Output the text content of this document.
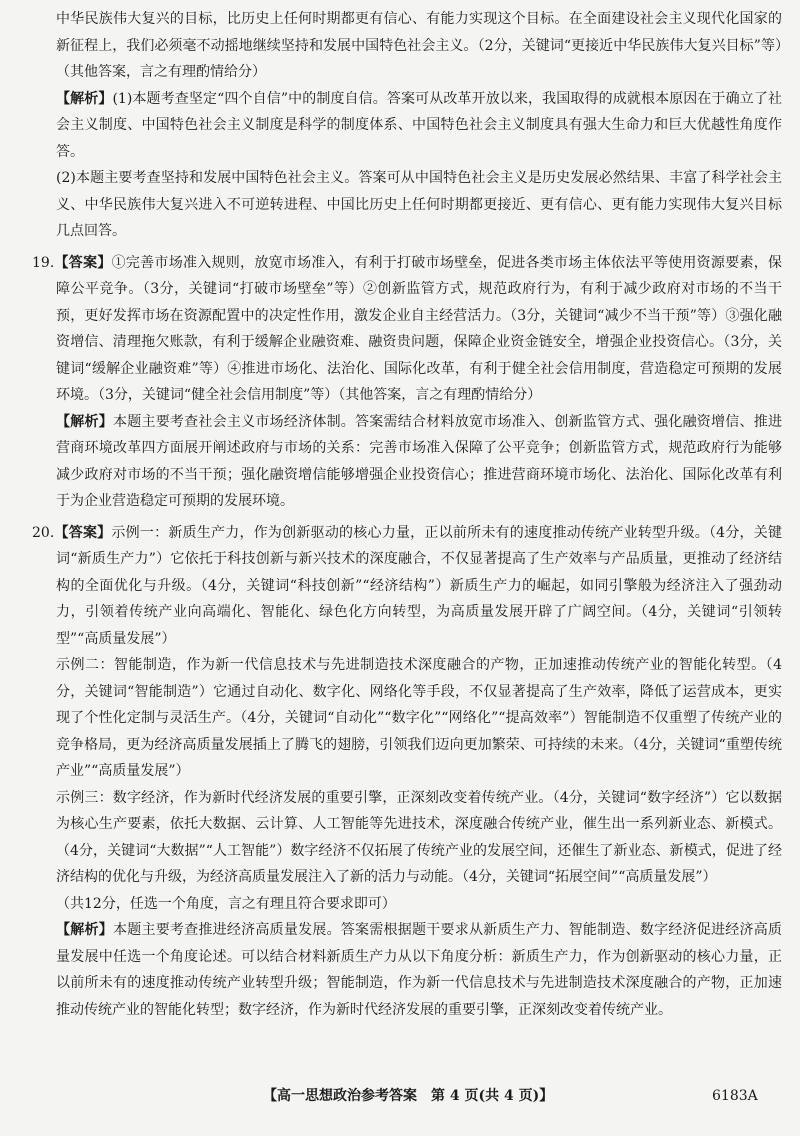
中华民族伟大复兴的目标，比历史上任何时期都更有信心、有能力实现这个目标。在全面建设社会主义现代化国家的新征程上，我们必须毫不动摇地继续坚持和发展中国特色社会主义。（2分，关键词“更接近中华民族伟大复兴目标”等）（其他答案，言之有理酌情给分）

【解析】(1)本题考查坚定“四个自信”中的制度自信。答案可从改革开放以来，我国取得的成就根本原因在于确立了社会主义制度、中国特色社会主义制度是科学的制度体系、中国特色社会主义制度具有强大生命力和巨大优越性角度作答。

(2)本题主要考查坚持和发展中国特色社会主义。答案可从中国特色社会主义是历史发展必然结果、丰富了科学社会主义、中华民族伟大复兴进入不可逆转进程、中国比历史上任何时期都更接近、更有信心、更有能力实现伟大复兴目标几点回答。

19.【答案】①完善市场准入规则，放宽市场准入，有利于打破市场壁垒，促进各类市场主体依法平等使用资源要素，保障公平竞争。（3分，关键词“打破市场壁垒”等）②创新监管方式，规范政府行为，有利于减少政府对市场的不当干预，更好发挥市场在资源配置中的决定性作用，激发企业自主经营活力。（3分，关键词“减少不当干预”等）③强化融资增信、清理拖欠账款，有利于缓解企业融资难、融资贵问题，保障企业资金链安全，增强企业投资信心。（3分，关键词“缓解企业融资难”等）④推进市场化、法治化、国际化改革，有利于健全社会信用制度，营造稳定可预期的发展环境。（3分，关键词“健全社会信用制度”等）（其他答案，言之有理酌情给分）

【解析】本题主要考查社会主义市场经济体制。答案需结合材料放宽市场准入、创新监管方式、强化融资增信、推进营商环境改革四方面展开阐述政府与市场的关系：完善市场准入保障了公平竞争；创新监管方式，规范政府行为能够减少政府对市场的不当干预；强化融资增信能够增强企业投资信心；推进营商环境市场化、法治化、国际化改革有利于为企业营造稳定可预期的发展环境。

20.【答案】示例一：新质生产力，作为创新驱动的核心力量，正以前所未有的速度推动传统产业转型升级。（4分，关键词“新质生产力”）它依托于科技创新与新兴技术的深度融合，不仅显著提高了生产效率与产品质量，更推动了经济结构的全面优化与升级。（4分，关键词“科技创新”“经济结构”）新质生产力的崛起，如同引擎般为经济注入了强劲动力，引领着传统产业向高端化、智能化、绿色化方向转型，为高质量发展开辟了广阔空间。（4分，关键词“引领转型”“高质量发展”）

示例二：智能制造，作为新一代信息技术与先进制造技术深度融合的产物，正加速推动传统产业的智能化转型。（4分，关键词“智能制造”）它通过自动化、数字化、网络化等手段，不仅显著提高了生产效率，降低了运营成本，更实现了个性化定制与灵活生产。（4分，关键词“自动化”“数字化”“网络化”“提高效率”）智能制造不仅重塑了传统产业的竞争格局，更为经济高质量发展插上了腾飞的翅膀，引领我们迈向更加繁荣、可持续的未来。（4分，关键词“重塑传统产业”“高质量发展”）

示例三：数字经济，作为新时代经济发展的重要引擎，正深刻改变着传统产业。（4分，关键词“数字经济”）它以数据为核心生产要素，依托大数据、云计算、人工智能等先进技术，深度融合传统产业，催生出一系列新业态、新模式。（4分，关键词“大数据”“人工智能”）数字经济不仅拓展了传统产业的发展空间，还催生了新业态、新模式，促进了经济结构的优化与升级，为经济高质量发展注入了新的活力与动能。（4分，关键词“拓展空间”“高质量发展”）

（共12分，任选一个角度，言之有理且符合要求即可）

【解析】本题主要考查推进经济高质量发展。答案需根据题干要求从新质生产力、智能制造、数字经济促进经济高质量发展中任选一个角度论述。可以结合材料新质生产力从以下角度分析：新质生产力，作为创新驱动的核心力量，正以前所未有的速度推动传统产业转型升级；智能制造，作为新一代信息技术与先进制造技术深度融合的产物，正加速推动传统产业的智能化转型；数字经济，作为新时代经济发展的重要引擎，正深刻改变着传统产业。

【高一思想政治参考答案　第 4 页(共 4 页)】	6183A
